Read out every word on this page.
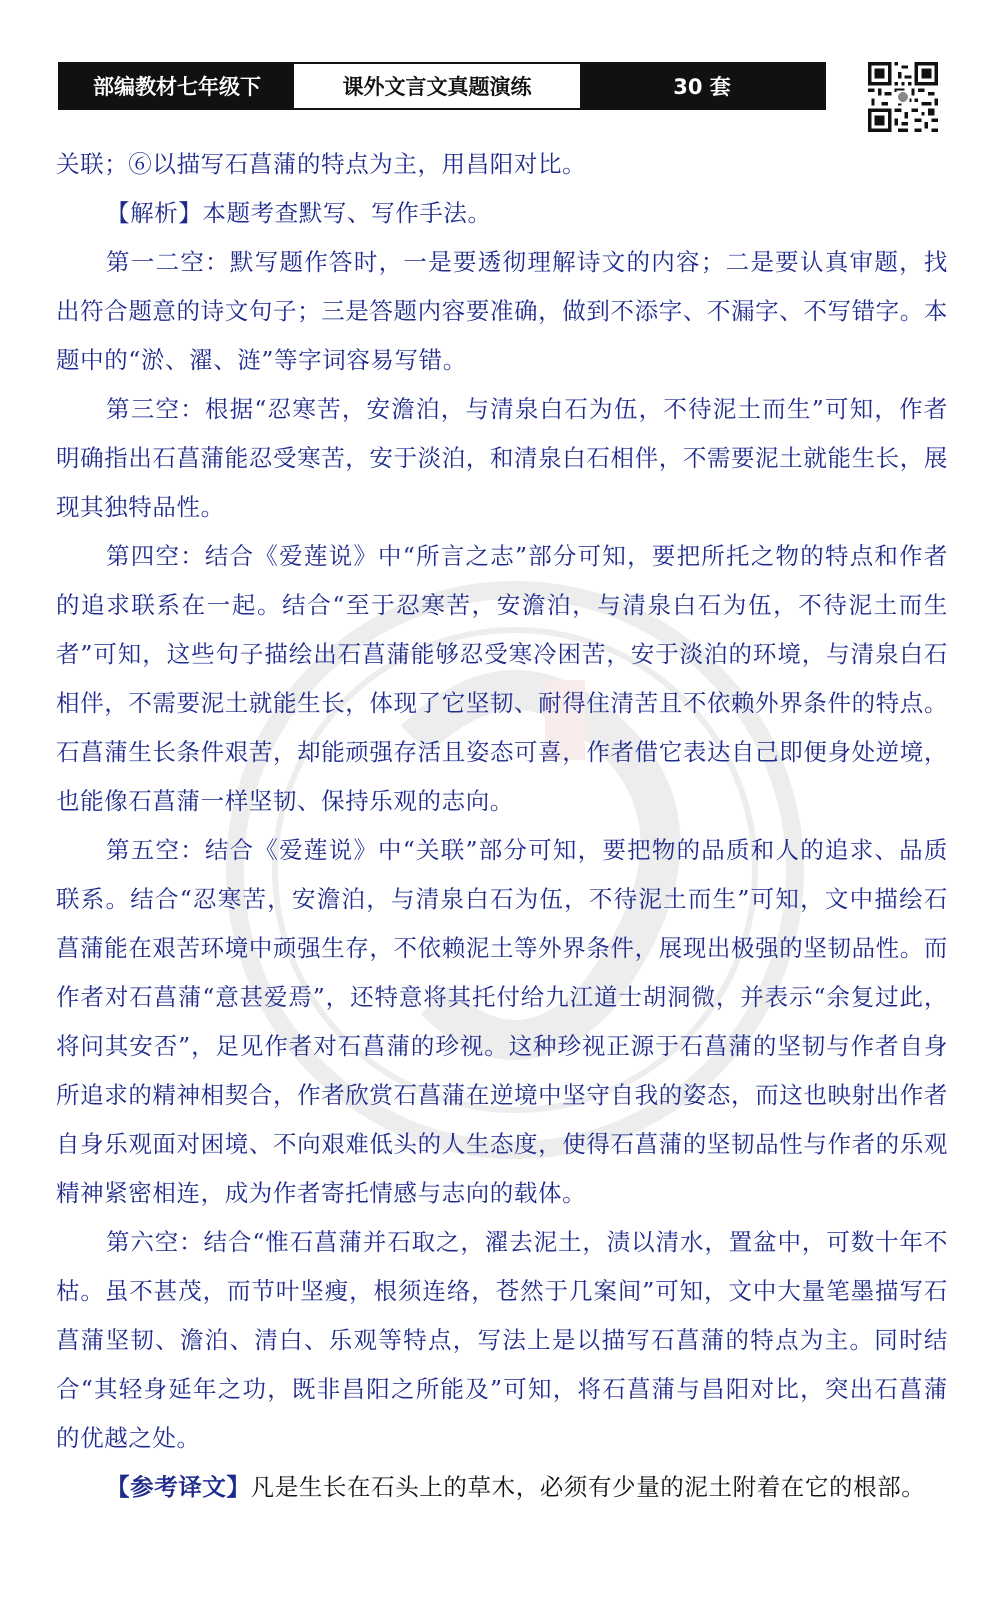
部编教材七年级下	课外文言文真题演练	30 套

关联；⑥以描写石菖蒲的特点为主，用昌阳对比。

【解析】本题考查默写、写作手法。

第一二空：默写题作答时，一是要透彻理解诗文的内容；二是要认真审题，找出符合题意的诗文句子；三是答题内容要准确，做到不添字、不漏字、不写错字。本题中的“淤、濯、涟”等字词容易写错。

第三空：根据“忍寒苦，安澹泊，与清泉白石为伍，不待泥土而生”可知，作者明确指出石菖蒲能忍受寒苦，安于淡泊，和清泉白石相伴，不需要泥土就能生长，展现其独特品性。

第四空：结合《爱莲说》中“所言之志”部分可知，要把所托之物的特点和作者的追求联系在一起。结合“至于忍寒苦，安澹泊，与清泉白石为伍，不待泥土而生者”可知，这些句子描绘出石菖蒲能够忍受寒冷困苦，安于淡泊的环境，与清泉白石相伴，不需要泥土就能生长，体现了它坚韧、耐得住清苦且不依赖外界条件的特点。石菖蒲生长条件艰苦，却能顽强存活且姿态可喜，作者借它表达自己即便身处逆境，也能像石菖蒲一样坚韧、保持乐观的志向。

第五空：结合《爱莲说》中“关联”部分可知，要把物的品质和人的追求、品质联系。结合“忍寒苦，安澹泊，与清泉白石为伍，不待泥土而生”可知，文中描绘石菖蒲能在艰苦环境中顽强生存，不依赖泥土等外界条件，展现出极强的坚韧品性。而作者对石菖蒲“意甚爱焉”，还特意将其托付给九江道士胡洞微，并表示“余复过此，将问其安否”，足见作者对石菖蒲的珍视。这种珍视正源于石菖蒲的坚韧与作者自身所追求的精神相契合，作者欣赏石菖蒲在逆境中坚守自我的姿态，而这也映射出作者自身乐观面对困境、不向艰难低头的人生态度，使得石菖蒲的坚韧品性与作者的乐观精神紧密相连，成为作者寄托情感与志向的载体。

第六空：结合“惟石菖蒲并石取之，濯去泥土，渍以清水，置盆中，可数十年不枯。虽不甚茂，而节叶坚瘦，根须连络，苍然于几案间”可知，文中大量笔墨描写石菖蒲坚韧、澹泊、清白、乐观等特点，写法上是以描写石菖蒲的特点为主。同时结合“其轻身延年之功，既非昌阳之所能及”可知，将石菖蒲与昌阳对比，突出石菖蒲的优越之处。

【参考译文】凡是生长在石头上的草木，必须有少量的泥土附着在它的根部。
